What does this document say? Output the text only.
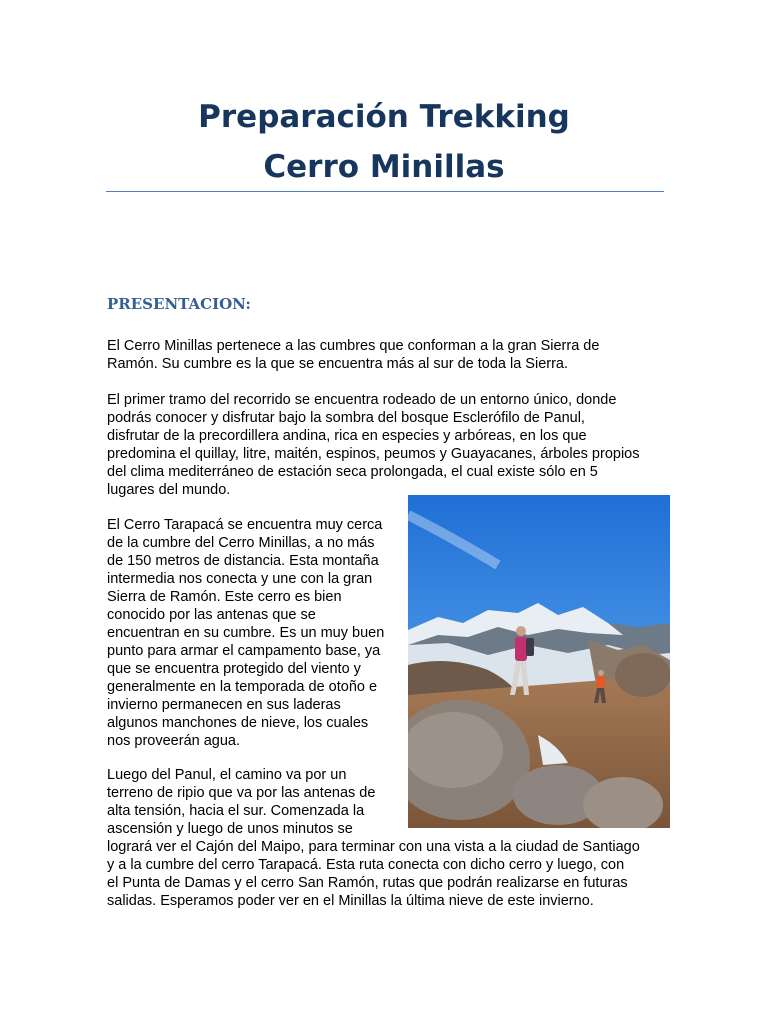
Preparación Trekking
Cerro Minillas
PRESENTACION:
El Cerro Minillas pertenece a las cumbres que conforman a la gran Sierra de
Ramón. Su cumbre es la que se encuentra más al sur de toda la Sierra.
El primer tramo del recorrido se encuentra rodeado de un entorno único, donde
podrás conocer y disfrutar bajo la sombra del bosque Esclerófilo de Panul,
disfrutar de la precordillera andina, rica en especies y arbóreas, en los que
predomina el quillay, litre, maitén, espinos, peumos y Guayacanes, árboles propios
del clima mediterráneo de estación seca prolongada, el cual existe sólo en 5
lugares del mundo.
El Cerro Tarapacá se encuentra muy cerca
de la cumbre del Cerro Minillas, a no más
de 150 metros de distancia. Esta montaña
intermedia nos conecta y une con la gran
Sierra de Ramón. Este cerro es bien
conocido por las antenas que se
encuentran en su cumbre. Es un muy buen
punto para armar el campamento base, ya
que se encuentra protegido del viento y
generalmente en la temporada de otoño e
invierno permanecen en sus laderas
algunos manchones de nieve, los cuales
nos proveerán agua.
Luego del Panul, el camino va por un
terreno de ripio que va por las antenas de
alta tensión, hacia el sur. Comenzada la
ascensión y luego de unos minutos se
logrará ver el Cajón del Maipo, para terminar con una vista a la ciudad de Santiago
y a la cumbre del cerro Tarapacá. Esta ruta conecta con dicho cerro y luego, con
el Punta de Damas y el cerro San Ramón, rutas que podrán realizarse en futuras
salidas. Esperamos poder ver en el Minillas la última nieve de este invierno.
